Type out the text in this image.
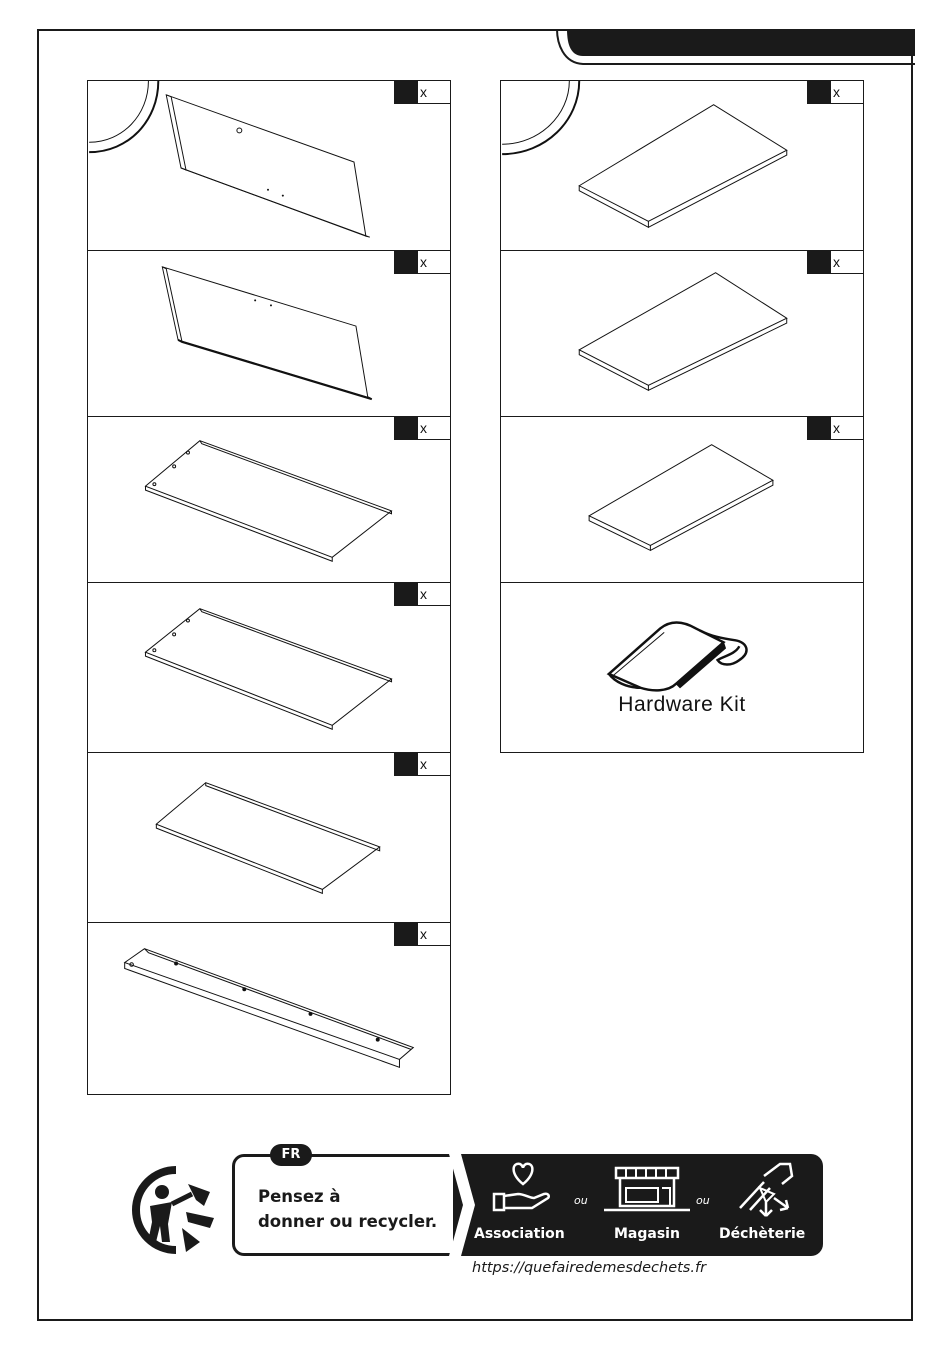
x
x
x
x
x
x
x
x
x
Hardware Kit
FR
Pensez à
donner ou recycler.
Association
ou
Magasin
ou
Déchèterie
https://quefairedemesdechets.fr
